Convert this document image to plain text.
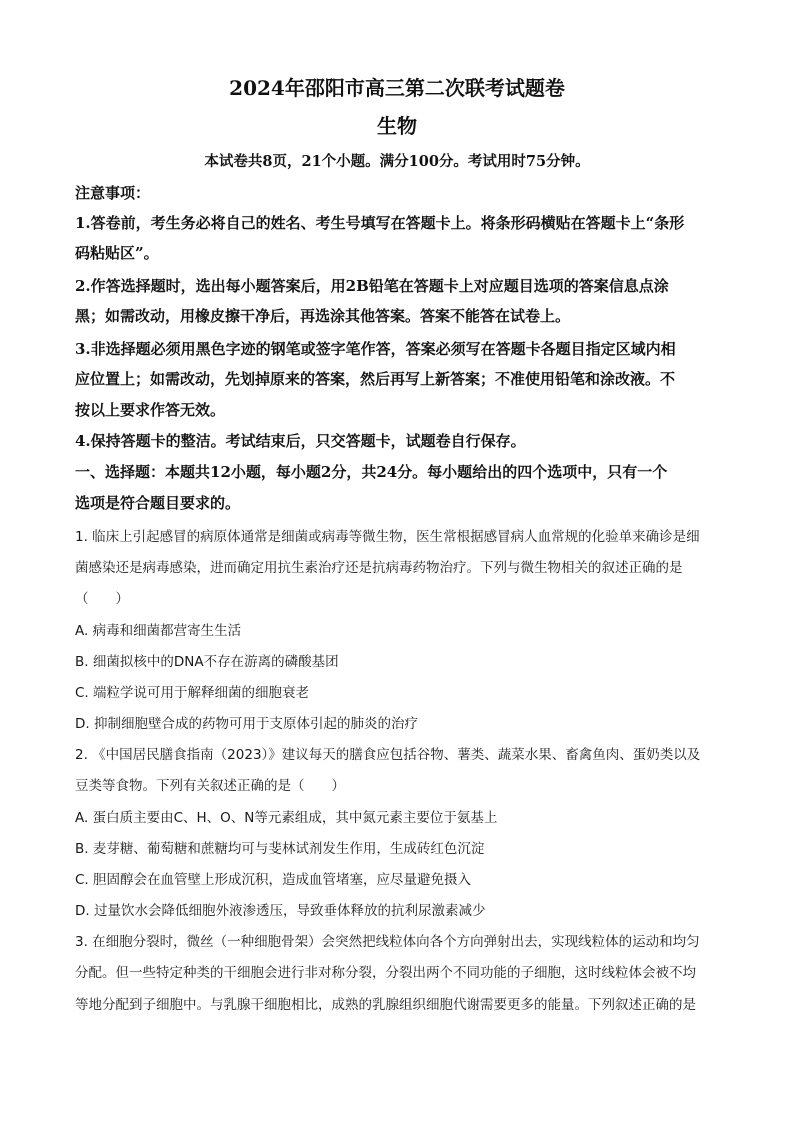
2024年邵阳市高三第二次联考试题卷
生物
本试卷共8页，21个小题。满分100分。考试用时75分钟。
注意事项：
1.答卷前，考生务必将自己的姓名、考生号填写在答题卡上。将条形码横贴在答题卡上“条形
码粘贴区”。
2.作答选择题时，选出每小题答案后，用2B铅笔在答题卡上对应题目选项的答案信息点涂
黑；如需改动，用橡皮擦干净后，再选涂其他答案。答案不能答在试卷上。
3.非选择题必须用黑色字迹的钢笔或签字笔作答，答案必须写在答题卡各题目指定区域内相
应位置上；如需改动，先划掉原来的答案，然后再写上新答案；不准使用铅笔和涂改液。不
按以上要求作答无效。
4.保持答题卡的整洁。考试结束后，只交答题卡，试题卷自行保存。
一、选择题：本题共12小题，每小题2分，共24分。每小题给出的四个选项中，只有一个
选项是符合题目要求的。
1. 临床上引起感冒的病原体通常是细菌或病毒等微生物，医生常根据感冒病人血常规的化验单来确诊是细
菌感染还是病毒感染，进而确定用抗生素治疗还是抗病毒药物治疗。下列与微生物相关的叙述正确的是
（　　）
A. 病毒和细菌都营寄生生活
B. 细菌拟核中的DNA不存在游离的磷酸基团
C. 端粒学说可用于解释细菌的细胞衰老
D. 抑制细胞壁合成的药物可用于支原体引起的肺炎的治疗
2. 《中国居民膳食指南（2023）》建议每天的膳食应包括谷物、薯类、蔬菜水果、畜禽鱼肉、蛋奶类以及
豆类等食物。下列有关叙述正确的是（　　）
A. 蛋白质主要由C、H、O、N等元素组成，其中氮元素主要位于氨基上
B. 麦芽糖、葡萄糖和蔗糖均可与斐林试剂发生作用，生成砖红色沉淀
C. 胆固醇会在血管壁上形成沉积，造成血管堵塞，应尽量避免摄入
D. 过量饮水会降低细胞外液渗透压，导致垂体释放的抗利尿激素减少
3. 在细胞分裂时，微丝（一种细胞骨架）会突然把线粒体向各个方向弹射出去，实现线粒体的运动和均匀
分配。但一些特定种类的干细胞会进行非对称分裂，分裂出两个不同功能的子细胞，这时线粒体会被不均
等地分配到子细胞中。与乳腺干细胞相比，成熟的乳腺组织细胞代谢需要更多的能量。下列叙述正确的是
